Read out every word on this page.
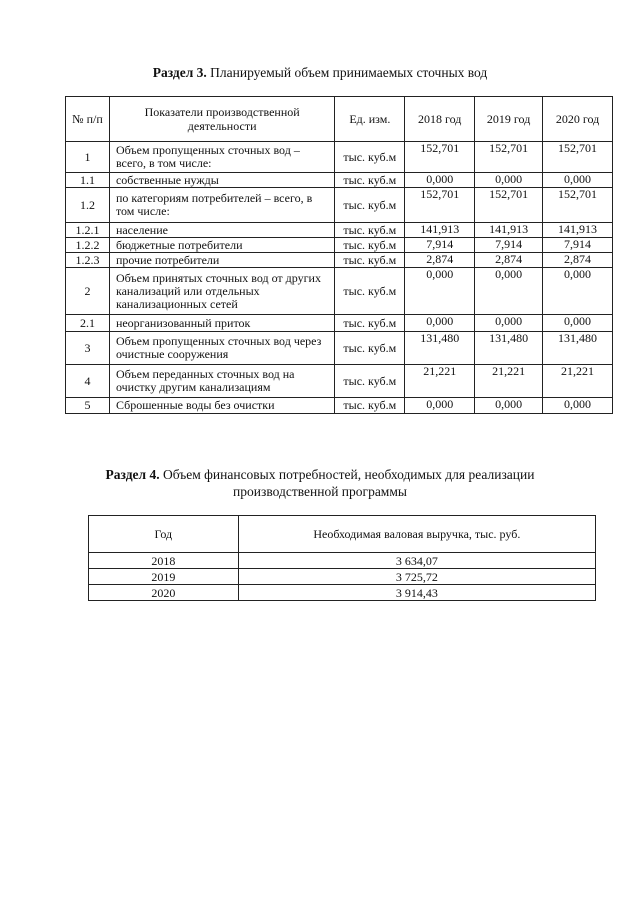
Раздел 3. Планируемый объем принимаемых сточных вод
№ п/п	Показатели производственной деятельности	Ед. изм.	2018 год	2019 год	2020 год
1	Объем пропущенных сточных вод – всего, в том числе:	тыс. куб.м	152,701	152,701	152,701
1.1	собственные нужды	тыс. куб.м	0,000	0,000	0,000
1.2	по категориям потребителей – всего, в том числе:	тыс. куб.м	152,701	152,701	152,701
1.2.1	население	тыс. куб.м	141,913	141,913	141,913
1.2.2	бюджетные потребители	тыс. куб.м	7,914	7,914	7,914
1.2.3	прочие потребители	тыс. куб.м	2,874	2,874	2,874
2	Объем принятых сточных вод от других канализаций или отдельных канализационных сетей	тыс. куб.м	0,000	0,000	0,000
2.1	неорганизованный приток	тыс. куб.м	0,000	0,000	0,000
3	Объем пропущенных сточных вод через очистные сооружения	тыс. куб.м	131,480	131,480	131,480
4	Объем переданных сточных вод на очистку другим канализациям	тыс. куб.м	21,221	21,221	21,221
5	Сброшенные воды без очистки	тыс. куб.м	0,000	0,000	0,000
Раздел 4. Объем финансовых потребностей, необходимых для реализации
производственной программы
Год	Необходимая валовая выручка, тыс. руб.
2018	3 634,07
2019	3 725,72
2020	3 914,43
